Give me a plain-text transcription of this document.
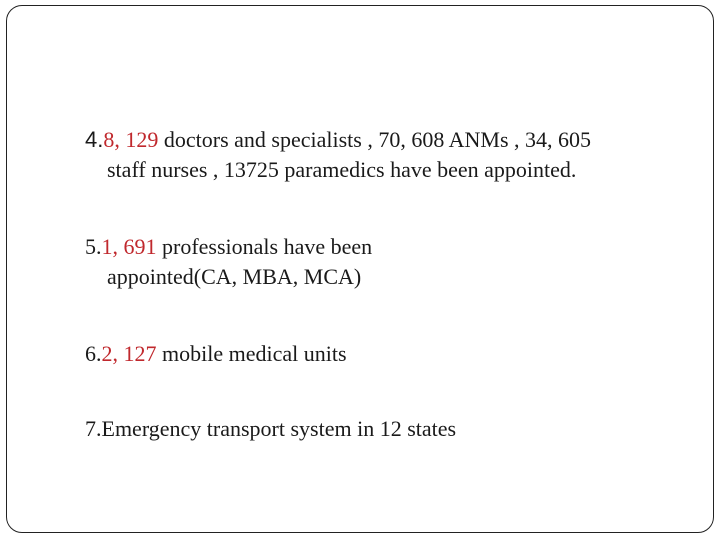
4.8, 129 doctors and specialists , 70, 608 ANMs , 34, 605
staff nurses , 13725 paramedics have been appointed.
5.1, 691 professionals have been
appointed(CA, MBA, MCA)
6.2, 127 mobile medical units
7.Emergency transport system in 12 states
